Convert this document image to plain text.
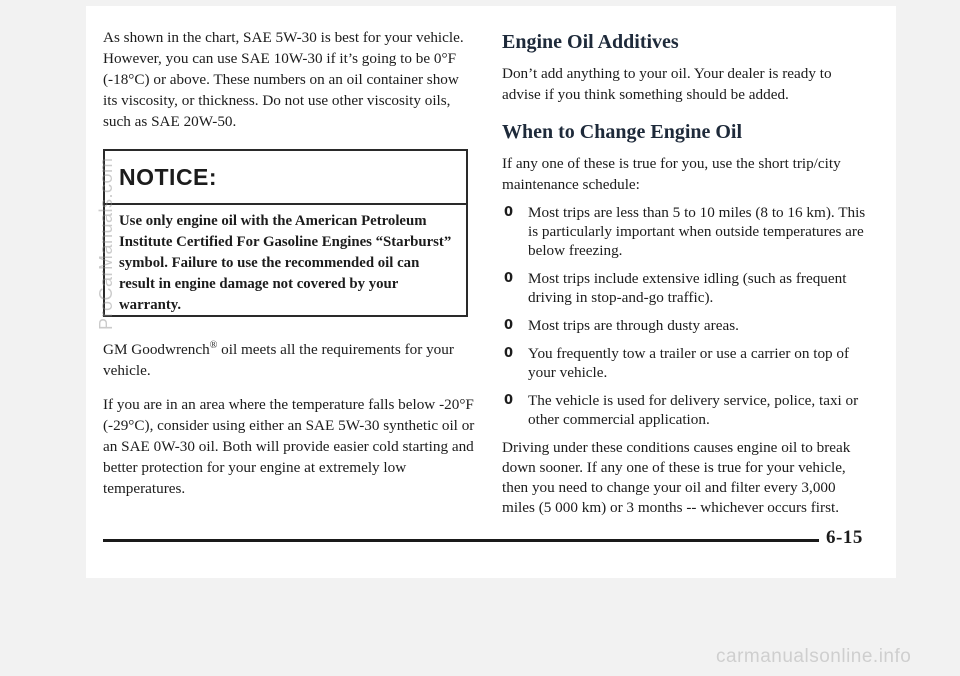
As shown in the chart, SAE 5W-30 is best for your vehicle. However, you can use SAE 10W-30 if it’s going to be 0°F (-18°C) or above. These numbers on an oil container show its viscosity, or thickness. Do not use other viscosity oils, such as SAE 20W-50.

NOTICE:
Use only engine oil with the American Petroleum Institute Certified For Gasoline Engines “Starburst” symbol. Failure to use the recommended oil can result in engine damage not covered by your warranty.

GM Goodwrench® oil meets all the requirements for your vehicle.

If you are in an area where the temperature falls below -20°F (-29°C), consider using either an SAE 5W-30 synthetic oil or an SAE 0W-30 oil. Both will provide easier cold starting and better protection for your engine at extremely low temperatures.

Engine Oil Additives

Don’t add anything to your oil. Your dealer is ready to advise if you think something should be added.

When to Change Engine Oil

If any one of these is true for you, use the short trip/city maintenance schedule:

0 Most trips are less than 5 to 10 miles (8 to 16 km). This is particularly important when outside temperatures are below freezing.
0 Most trips include extensive idling (such as frequent driving in stop-and-go traffic).
0 Most trips are through dusty areas.
0 You frequently tow a trailer or use a carrier on top of your vehicle.
0 The vehicle is used for delivery service, police, taxi or other commercial application.

Driving under these conditions causes engine oil to break down sooner. If any one of these is true for your vehicle, then you need to change your oil and filter every 3,000 miles (5 000 km) or 3 months -- whichever occurs first.

6-15
ProCarManuals.com
carmanualsonline.info
